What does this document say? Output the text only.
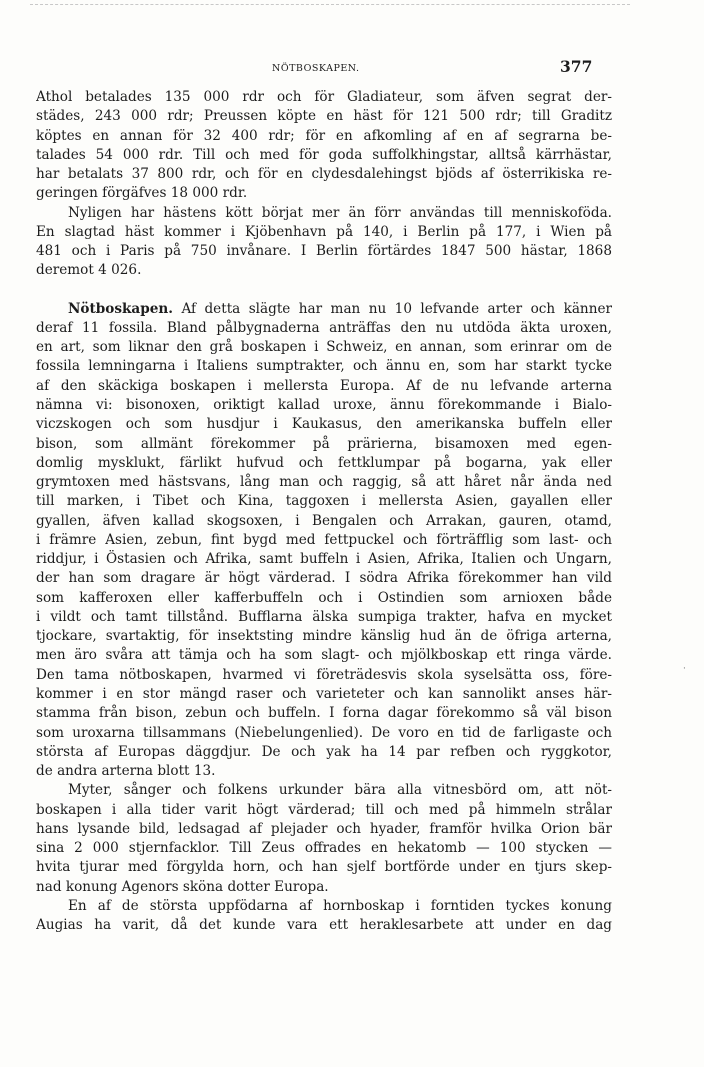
NÖTBOSKAPEN.	377
Athol betalades 135 000 rdr och för Gladiateur, som äfven segrat der-
städes, 243 000 rdr; Preussen köpte en häst för 121 500 rdr; till Graditz
köptes en annan för 32 400 rdr; för en afkomling af en af segrarna be-
talades 54 000 rdr. Till och med för goda suffolkhingstar, alltså kärrhästar,
har betalats 37 800 rdr, och för en clydesdalehingst bjöds af österrikiska re-
geringen förgäfves 18 000 rdr.
Nyligen har hästens kött börjat mer än förr användas till menniskoföda.
En slagtad häst kommer i Kjöbenhavn på 140, i Berlin på 177, i Wien på
481 och i Paris på 750 invånare. I Berlin förtärdes 1847 500 hästar, 1868
deremot 4 026.
Nötboskapen. Af detta slägte har man nu 10 lefvande arter och känner
deraf 11 fossila. Bland pålbygnaderna anträffas den nu utdöda äkta uroxen,
en art, som liknar den grå boskapen i Schweiz, en annan, som erinrar om de
fossila lemningarna i Italiens sumptrakter, och ännu en, som har starkt tycke
af den skäckiga boskapen i mellersta Europa. Af de nu lefvande arterna
nämna vi: bisonoxen, oriktigt kallad uroxe, ännu förekommande i Bialo-
viczskogen och som husdjur i Kaukasus, den amerikanska buffeln eller
bison, som allmänt förekommer på prärierna, bisamoxen med egen-
domlig mysklukt, färlikt hufvud och fettklumpar på bogarna, yak eller
grymtoxen med hästsvans, lång man och raggig, så att håret når ända ned
till marken, i Tibet och Kina, taggoxen i mellersta Asien, gayallen eller
gyallen, äfven kallad skogsoxen, i Bengalen och Arrakan, gauren, otamd,
i främre Asien, zebun, fint bygd med fettpuckel och förträfflig som last- och
riddjur, i Östasien och Afrika, samt buffeln i Asien, Afrika, Italien och Ungarn,
der han som dragare är högt värderad. I södra Afrika förekommer han vild
som kafferoxen eller kafferbuffeln och i Ostindien som arnioxen både
i vildt och tamt tillstånd. Bufflarna älska sumpiga trakter, hafva en mycket
tjockare, svartaktig, för insektsting mindre känslig hud än de öfriga arterna,
men äro svåra att tämja och ha som slagt- och mjölkboskap ett ringa värde.
Den tama nötboskapen, hvarmed vi företrädesvis skola syselsätta oss, före-
kommer i en stor mängd raser och varieteter och kan sannolikt anses här-
stamma från bison, zebun och buffeln. I forna dagar förekommo så väl bison
som uroxarna tillsammans (Niebelungenlied). De voro en tid de farligaste och
största af Europas däggdjur. De och yak ha 14 par refben och ryggkotor,
de andra arterna blott 13.
Myter, sånger och folkens urkunder bära alla vitnesbörd om, att nöt-
boskapen i alla tider varit högt värderad; till och med på himmeln strålar
hans lysande bild, ledsagad af plejader och hyader, framför hvilka Orion bär
sina 2 000 stjernfacklor. Till Zeus offrades en hekatomb — 100 stycken —
hvita tjurar med förgylda horn, och han sjelf bortförde under en tjurs skep-
nad konung Agenors sköna dotter Europa.
En af de största uppfödarna af hornboskap i forntiden tyckes konung
Augias ha varit, då det kunde vara ett heraklesarbete att under en dag
·
